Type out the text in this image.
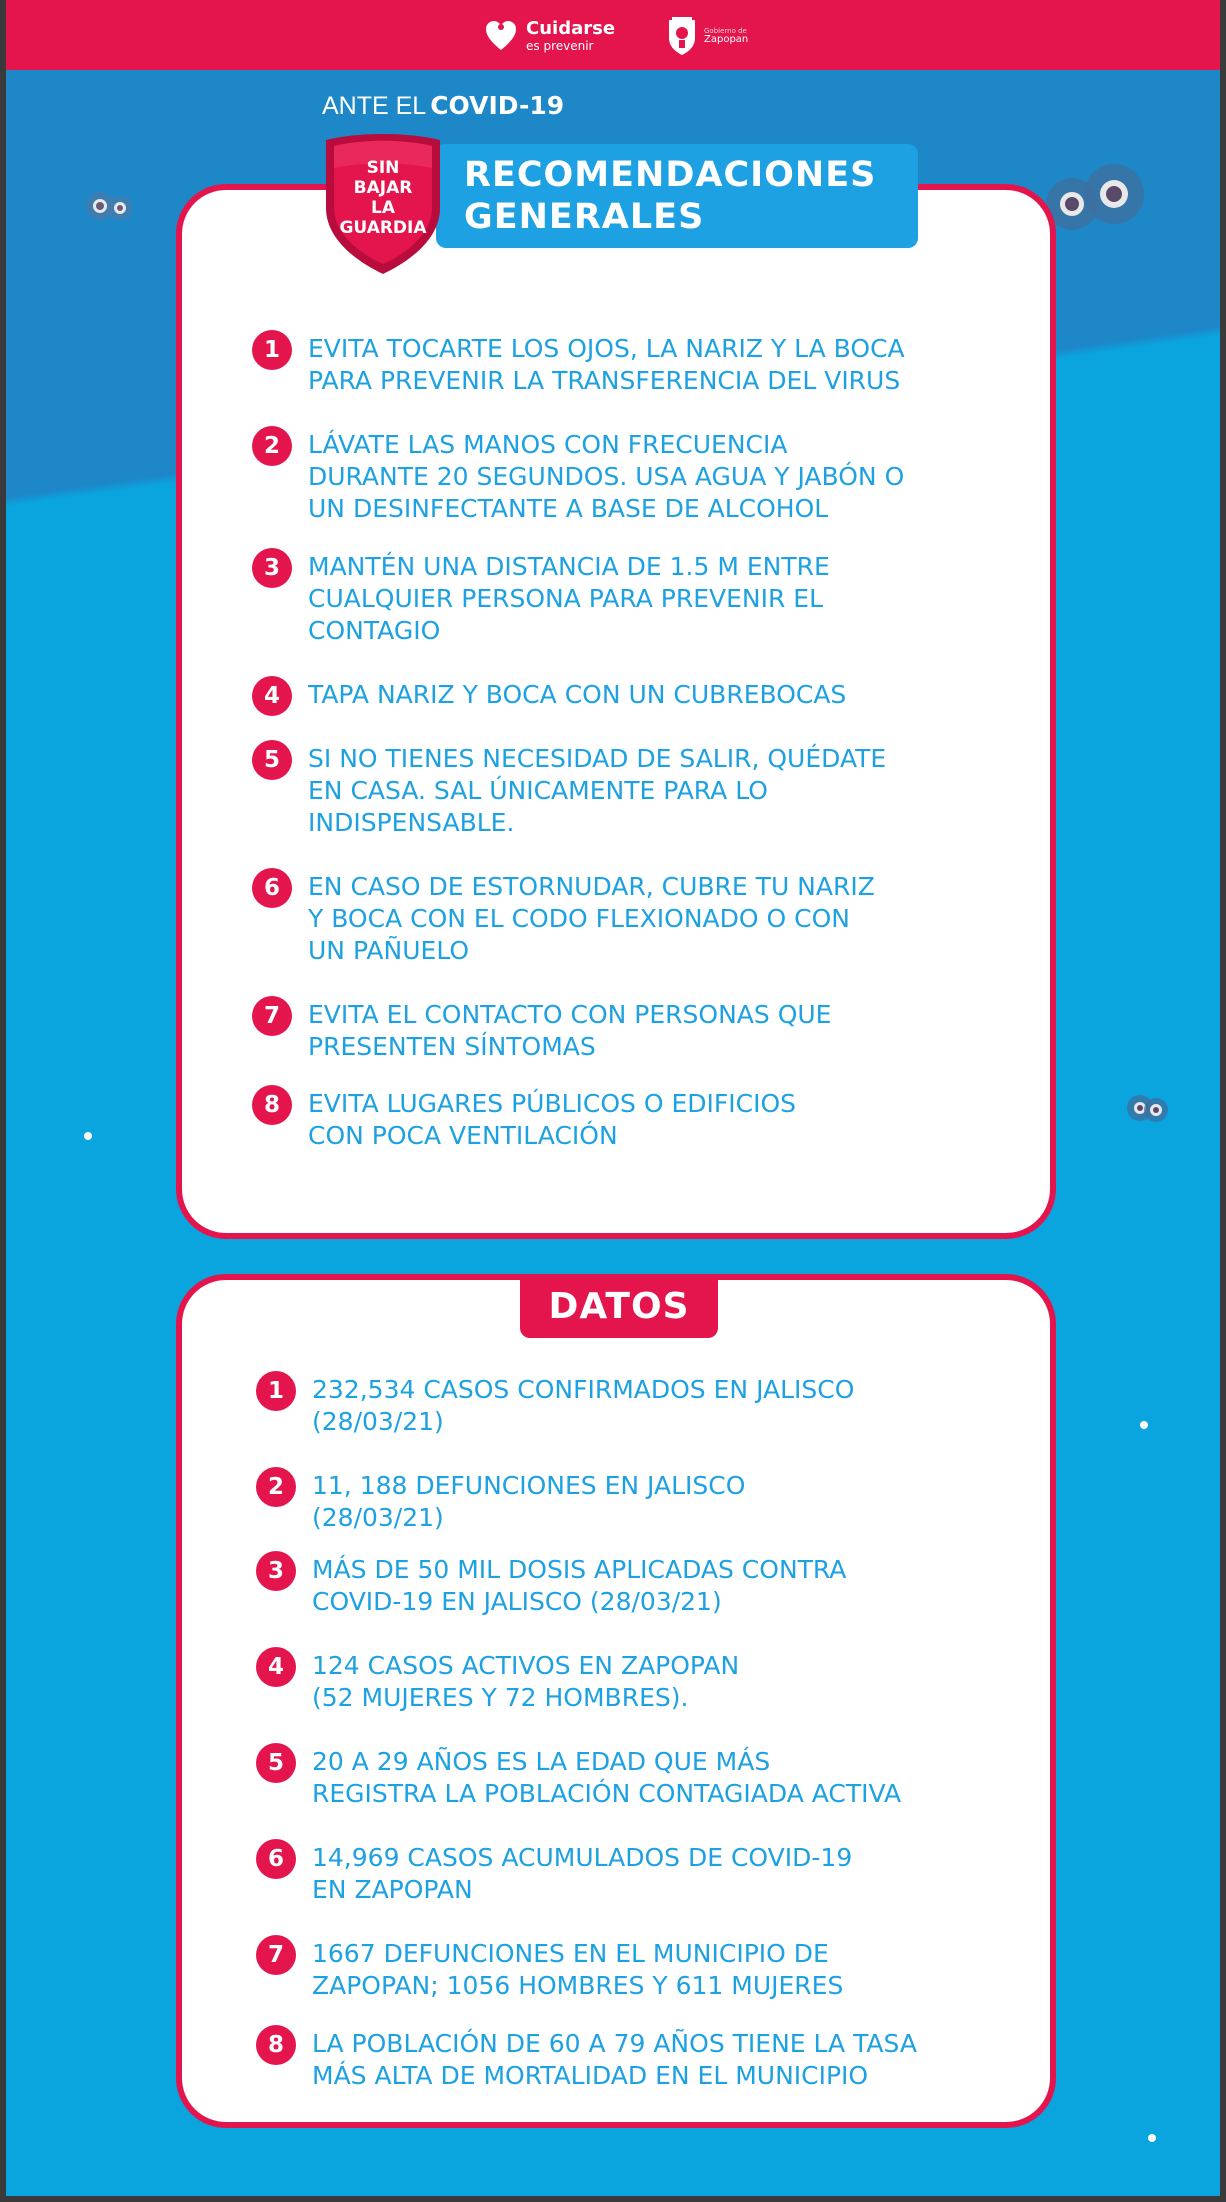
Cuidarse
es prevenir
Gobierno de
Zapopan
ANTE EL COVID-19
RECOMENDACIONES
GENERALES
SIN
BAJAR
LA
GUARDIA
1	EVITA TOCARTE LOS OJOS, LA NARIZ Y LA BOCA
PARA PREVENIR LA TRANSFERENCIA DEL VIRUS
2	LÁVATE LAS MANOS CON FRECUENCIA
DURANTE 20 SEGUNDOS. USA AGUA Y JABÓN O
UN DESINFECTANTE A BASE DE ALCOHOL
3	MANTÉN UNA DISTANCIA DE 1.5 M ENTRE
CUALQUIER PERSONA PARA PREVENIR EL
CONTAGIO
4	TAPA NARIZ Y BOCA CON UN CUBREBOCAS
5	SI NO TIENES NECESIDAD DE SALIR, QUÉDATE
EN CASA. SAL ÚNICAMENTE PARA LO
INDISPENSABLE.
6	EN CASO DE ESTORNUDAR, CUBRE TU NARIZ
Y BOCA CON EL CODO FLEXIONADO O CON
UN PAÑUELO
7	EVITA EL CONTACTO CON PERSONAS QUE
PRESENTEN SÍNTOMAS
8	EVITA LUGARES PÚBLICOS O EDIFICIOS
CON POCA VENTILACIÓN
DATOS
1	232,534 CASOS CONFIRMADOS EN JALISCO
(28/03/21)
2	11, 188 DEFUNCIONES EN JALISCO
(28/03/21)
3	MÁS DE 50 MIL DOSIS APLICADAS CONTRA
COVID-19 EN JALISCO (28/03/21)
4	124 CASOS ACTIVOS EN ZAPOPAN
(52 MUJERES Y 72 HOMBRES).
5	20 A 29 AÑOS ES LA EDAD QUE MÁS
REGISTRA LA POBLACIÓN CONTAGIADA ACTIVA
6	14,969 CASOS ACUMULADOS DE COVID-19
EN ZAPOPAN
7	1667 DEFUNCIONES EN EL MUNICIPIO DE
ZAPOPAN; 1056 HOMBRES Y 611 MUJERES
8	LA POBLACIÓN DE 60 A 79 AÑOS TIENE LA TASA
MÁS ALTA DE MORTALIDAD EN EL MUNICIPIO
